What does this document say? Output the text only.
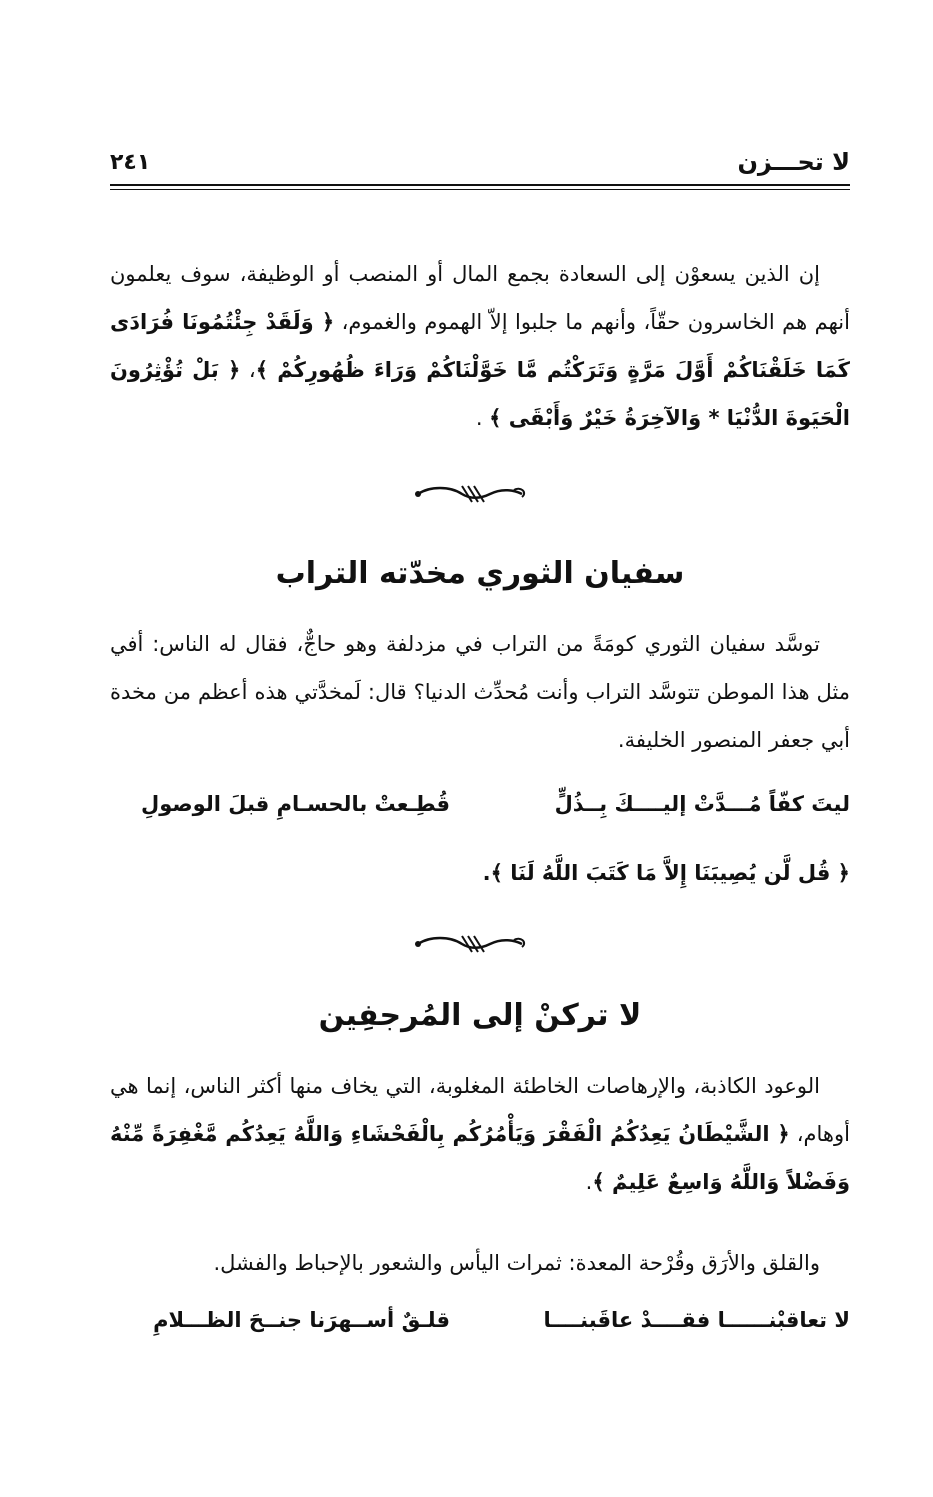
لا تحـــزن
٢٤١

إن الذين يسعوْن إلى السعادة بجمع المال أو المنصب أو الوظيفة، سوف يعلمون أنهم هم الخاسرون حقّاً، وأنهم ما جلبوا إلاّ الهموم والغموم، ﴿ وَلَقَدْ جِئْتُمُونَا فُرَادَى كَمَا خَلَقْنَاكُمْ أَوَّلَ مَرَّةٍ وَتَرَكْتُم مَّا خَوَّلْنَاكُمْ وَرَاءَ ظُهُورِكُمْ ﴾، ﴿ بَلْ تُؤْثِرُونَ الْحَيَوةَ الدُّنْيَا * وَالآخِرَةُ خَيْرٌ وَأَبْقَى ﴾ .

سفيان الثوري مخدّته التراب

توسَّد سفيان الثوري كومَةً من التراب في مزدلفة وهو حاجٌّ، فقال له الناس: أفي مثل هذا الموطن تتوسَّد التراب وأنت مُحدِّث الدنيا؟ قال: لَمخدَّتي هذه أعظم من مخدة أبي جعفر المنصور الخليفة.

ليتَ كفّاً مُـــدَّتْ إليــــكَ بِــذُلٍّ
قُطِـعتْ بالحسـامِ قبلَ الوصولِ
﴿ قُل لَّن يُصِيبَنَا إِلاَّ مَا كَتَبَ اللَّهُ لَنَا ﴾.
لا تركنْ إلى المُرجفِين

الوعود الكاذبة، والإرهاصات الخاطئة المغلوبة، التي يخاف منها أكثر الناس، إنما هي أوهام، ﴿ الشَّيْطَانُ يَعِدُكُمُ الْفَقْرَ وَيَأْمُرُكُم بِالْفَحْشَاءِ وَاللَّهُ يَعِدُكُم مَّغْفِرَةً مِّنْهُ وَفَضْلاً وَاللَّهُ وَاسِعٌ عَلِيمٌ ﴾.

والقلق والأرَق وقُرْحة المعدة: ثمرات اليأس والشعور بالإحباط والفشل.
لا تعاقبْنــــــا فقــــدْ عاقَبنــــا
قلـقٌ أســهرَنا جنــحَ الظـــلامِ
